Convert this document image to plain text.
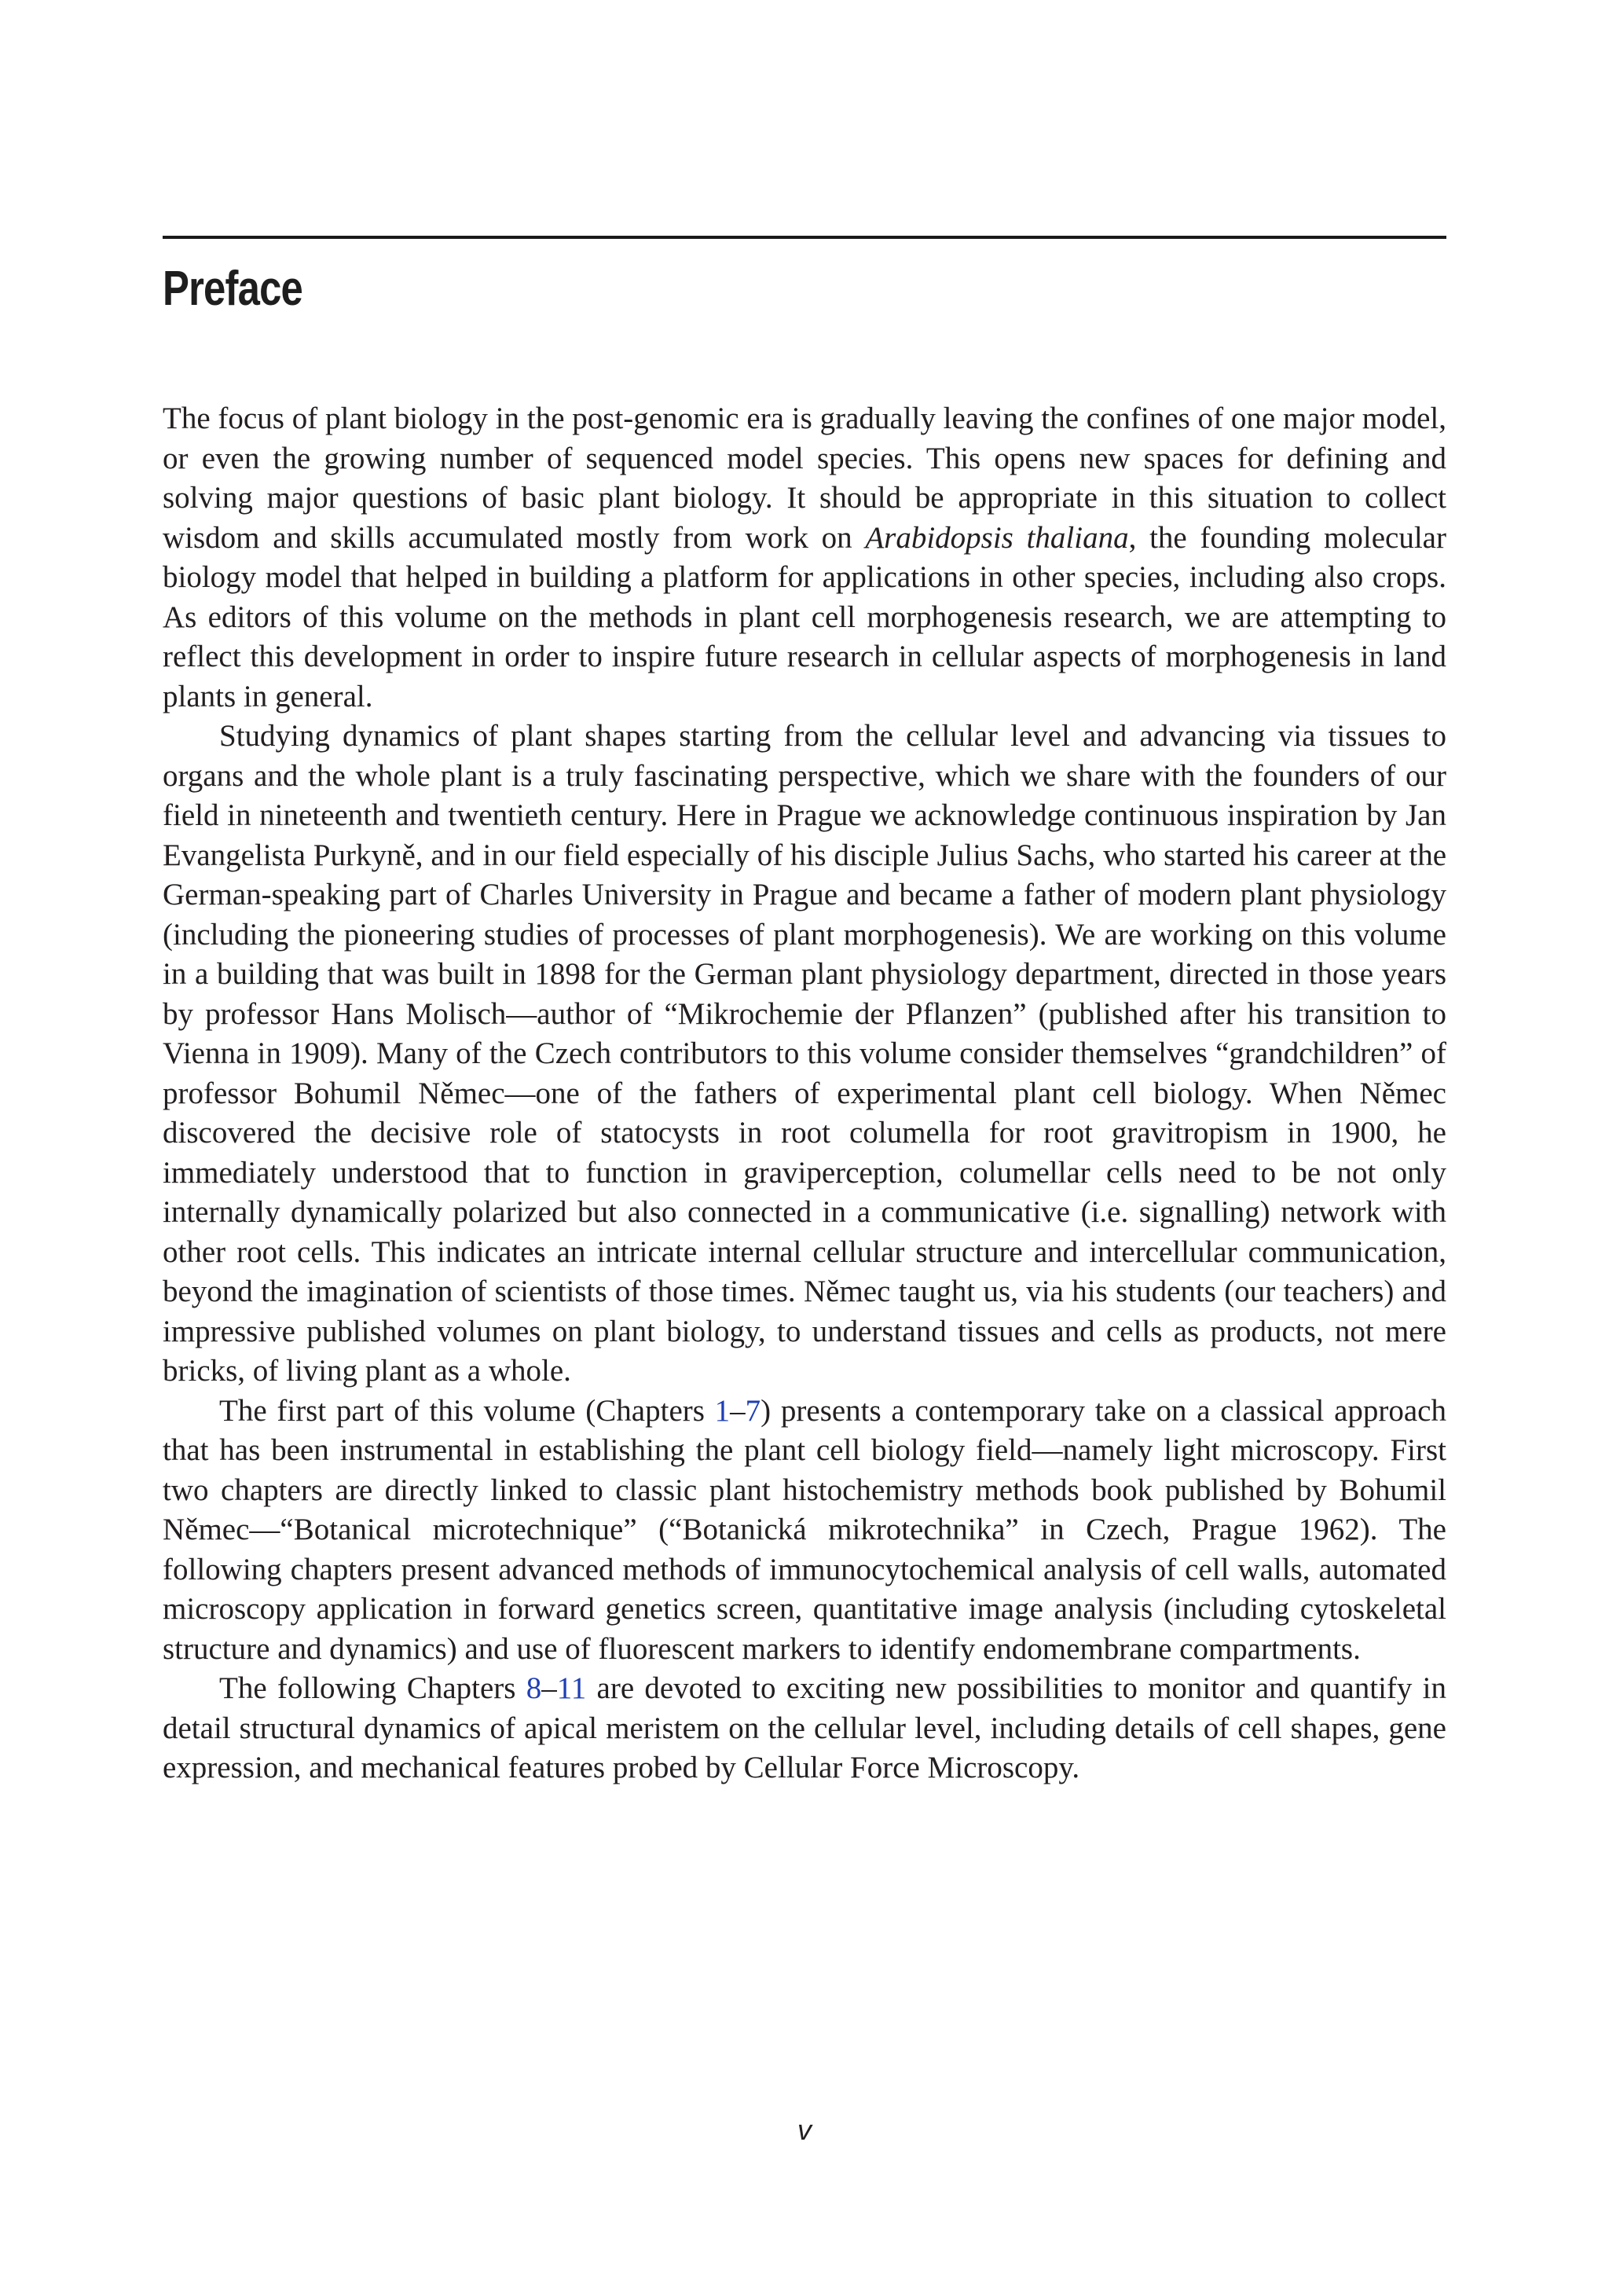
Preface

The focus of plant biology in the post-genomic era is gradually leaving the confines of one major model, or even the growing number of sequenced model species. This opens new spaces for defining and solving major questions of basic plant biology. It should be appropriate in this situation to collect wisdom and skills accumulated mostly from work on Arabidopsis thaliana, the founding molecular biology model that helped in building a platform for applications in other species, including also crops. As editors of this volume on the methods in plant cell morphogenesis research, we are attempting to reflect this development in order to inspire future research in cellular aspects of morphogenesis in land plants in general.

Studying dynamics of plant shapes starting from the cellular level and advancing via tissues to organs and the whole plant is a truly fascinating perspective, which we share with the founders of our field in nineteenth and twentieth century. Here in Prague we acknowledge continuous inspiration by Jan Evangelista Purkyně, and in our field especially of his disciple Julius Sachs, who started his career at the German-speaking part of Charles University in Prague and became a father of modern plant physiology (including the pioneering studies of processes of plant morphogenesis). We are working on this volume in a building that was built in 1898 for the German plant physiology department, directed in those years by professor Hans Molisch—author of “Mikrochemie der Pflanzen” (published after his transition to Vienna in 1909). Many of the Czech contributors to this volume consider themselves “grandchildren” of professor Bohumil Němec—one of the fathers of experimental plant cell biology. When Němec discovered the decisive role of statocysts in root columella for root gravitropism in 1900, he immediately understood that to function in graviperception, columellar cells need to be not only internally dynamically polarized but also connected in a communicative (i.e. signalling) network with other root cells. This indicates an intricate internal cellular structure and intercellular communication, beyond the imagination of scientists of those times. Němec taught us, via his students (our teachers) and impressive published volumes on plant biology, to understand tissues and cells as products, not mere bricks, of living plant as a whole.

The first part of this volume (Chapters 1–7) presents a contemporary take on a classical approach that has been instrumental in establishing the plant cell biology field—namely light microscopy. First two chapters are directly linked to classic plant histochemistry methods book published by Bohumil Němec—“Botanical microtechnique” (“Botanická mikrotechnika” in Czech, Prague 1962). The following chapters present advanced methods of immunocytochemical analysis of cell walls, automated microscopy application in forward genetics screen, quantitative image analysis (including cytoskeletal structure and dynamics) and use of fluorescent markers to identify endomembrane compartments.

The following Chapters 8–11 are devoted to exciting new possibilities to monitor and quantify in detail structural dynamics of apical meristem on the cellular level, including details of cell shapes, gene expression, and mechanical features probed by Cellular Force Microscopy.

v
